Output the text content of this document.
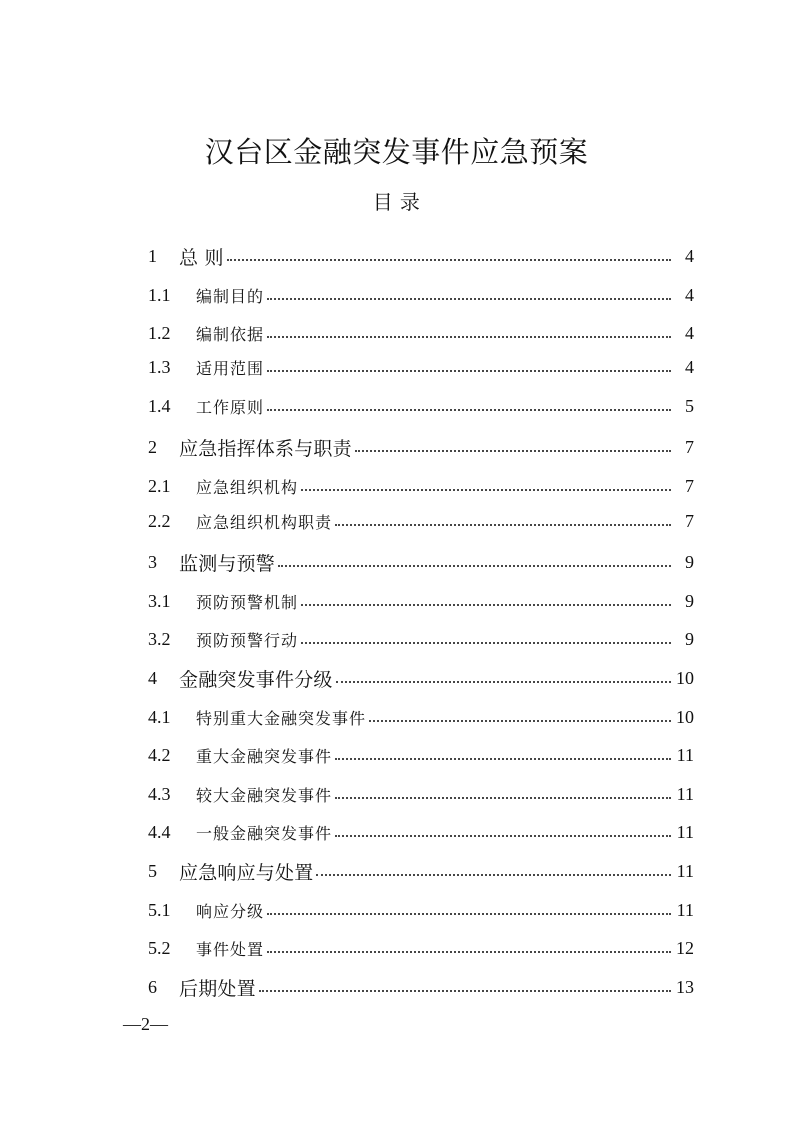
汉台区金融突发事件应急预案
目 录
1	总 则	4
1.1	编制目的	4
1.2	编制依据	4
1.3	适用范围	4
1.4	工作原则	5
2	应急指挥体系与职责	7
2.1	应急组织机构	7
2.2	应急组织机构职责	7
3	监测与预警	9
3.1	预防预警机制	9
3.2	预防预警行动	9
4	金融突发事件分级	10
4.1	特别重大金融突发事件	10
4.2	重大金融突发事件	11
4.3	较大金融突发事件	11
4.4	一般金融突发事件	11
5	应急响应与处置	11
5.1	响应分级	11
5.2	事件处置	12
6	后期处置	13
—2—
